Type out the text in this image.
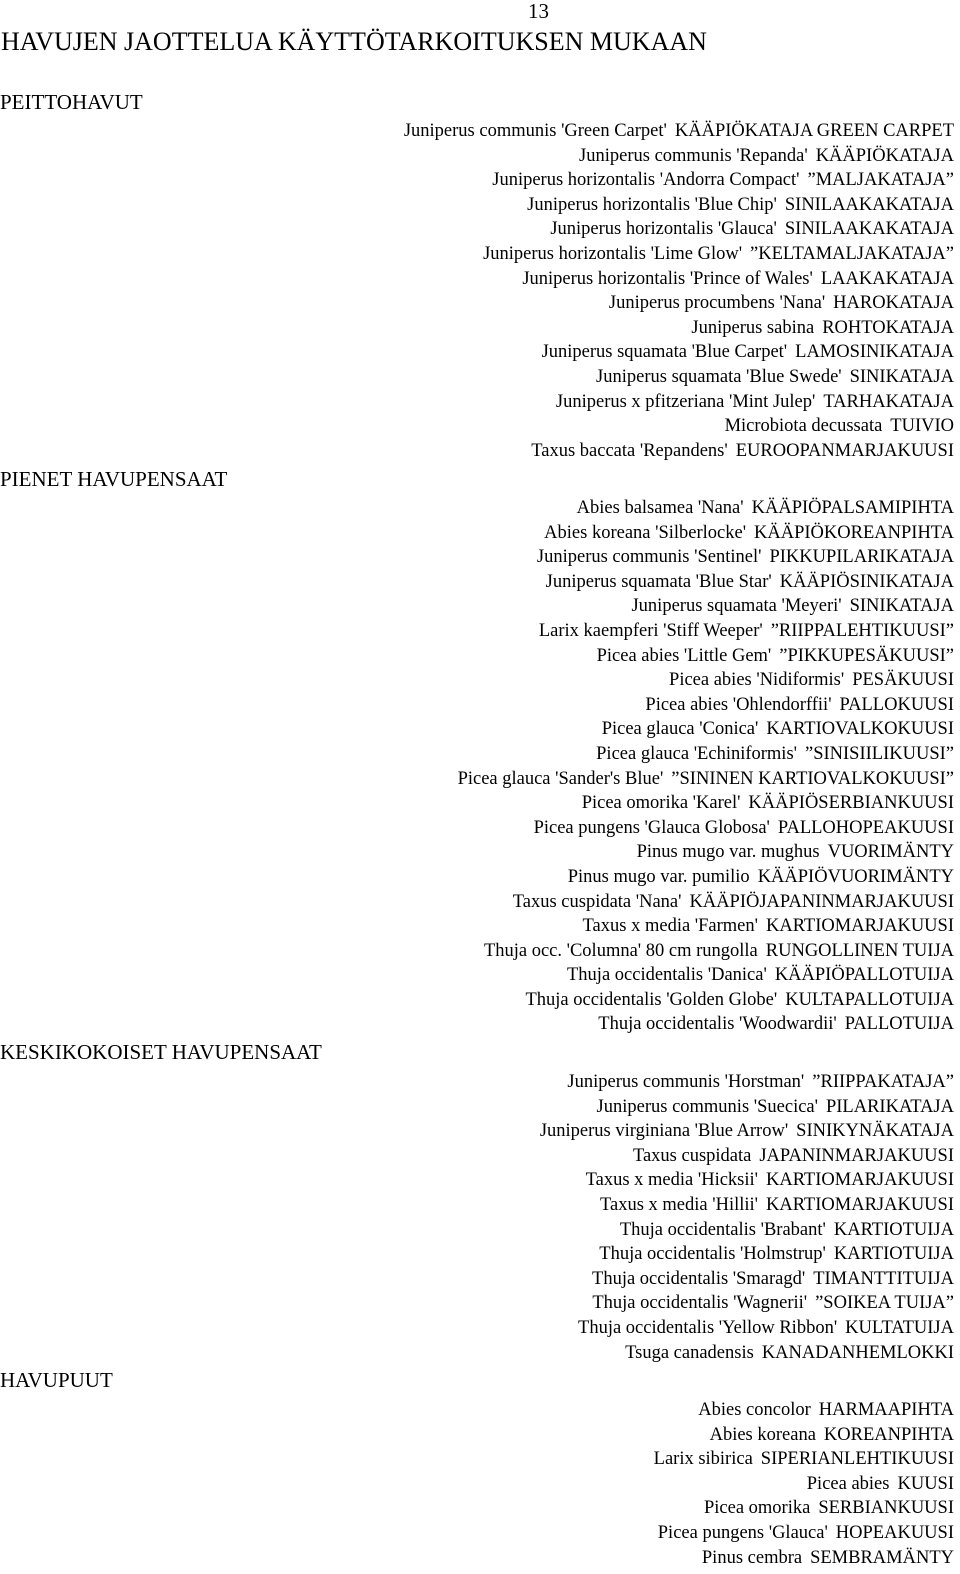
13
HAVUJEN JAOTTELUA KÄYTTÖTARKOITUKSEN MUKAAN
PEITTOHAVUT
Juniperus communis 'Green Carpet' KÄÄPIÖKATAJA GREEN CARPET
Juniperus communis 'Repanda' KÄÄPIÖKATAJA
Juniperus horizontalis 'Andorra Compact' ”MALJAKATAJA”
Juniperus horizontalis 'Blue Chip' SINILAAKAKATAJA
Juniperus horizontalis 'Glauca' SINILAAKAKATAJA
Juniperus horizontalis 'Lime Glow' ”KELTAMALJAKATAJA”
Juniperus horizontalis 'Prince of Wales' LAAKAKATAJA
Juniperus procumbens 'Nana' HAROKATAJA
Juniperus sabina ROHTOKATAJA
Juniperus squamata 'Blue Carpet' LAMOSINIKATAJA
Juniperus squamata 'Blue Swede' SINIKATAJA
Juniperus x pfitzeriana 'Mint Julep' TARHAKATAJA
Microbiota decussata TUIVIO
Taxus baccata 'Repandens' EUROOPANMARJAKUUSI
PIENET HAVUPENSAAT
Abies balsamea 'Nana' KÄÄPIÖPALSAMIPIHTA
Abies koreana 'Silberlocke' KÄÄPIÖKOREANPIHTA
Juniperus communis 'Sentinel' PIKKUPILARIKATAJA
Juniperus squamata 'Blue Star' KÄÄPIÖSINIKATAJA
Juniperus squamata 'Meyeri' SINIKATAJA
Larix kaempferi 'Stiff Weeper' ”RIIPPALEHTIKUUSI”
Picea abies 'Little Gem' ”PIKKUPESÄKUUSI”
Picea abies 'Nidiformis' PESÄKUUSI
Picea abies 'Ohlendorffii' PALLOKUUSI
Picea glauca 'Conica' KARTIOVALKOKUUSI
Picea glauca 'Echiniformis' ”SINISIILIKUUSI”
Picea glauca 'Sander's Blue' ”SININEN KARTIOVALKOKUUSI”
Picea omorika 'Karel' KÄÄPIÖSERBIANKUUSI
Picea pungens 'Glauca Globosa' PALLOHOPEAKUUSI
Pinus mugo var. mughus VUORIMÄNTY
Pinus mugo var. pumilio KÄÄPIÖVUORIMÄNTY
Taxus cuspidata 'Nana' KÄÄPIÖJAPANINMARJAKUUSI
Taxus x media 'Farmen' KARTIOMARJAKUUSI
Thuja occ. 'Columna' 80 cm rungolla RUNGOLLINEN TUIJA
Thuja occidentalis 'Danica' KÄÄPIÖPALLOTUIJA
Thuja occidentalis 'Golden Globe' KULTAPALLOTUIJA
Thuja occidentalis 'Woodwardii' PALLOTUIJA
KESKIKOKOISET HAVUPENSAAT
Juniperus communis 'Horstman' ”RIIPPAKATAJA”
Juniperus communis 'Suecica' PILARIKATAJA
Juniperus virginiana 'Blue Arrow' SINIKYNÄKATAJA
Taxus cuspidata JAPANINMARJAKUUSI
Taxus x media 'Hicksii' KARTIOMARJAKUUSI
Taxus x media 'Hillii' KARTIOMARJAKUUSI
Thuja occidentalis 'Brabant' KARTIOTUIJA
Thuja occidentalis 'Holmstrup' KARTIOTUIJA
Thuja occidentalis 'Smaragd' TIMANTTITUIJA
Thuja occidentalis 'Wagnerii' ”SOIKEA TUIJA”
Thuja occidentalis 'Yellow Ribbon' KULTATUIJA
Tsuga canadensis KANADANHEMLOKKI
HAVUPUUT
Abies concolor HARMAAPIHTA
Abies koreana KOREANPIHTA
Larix sibirica SIPERIANLEHTIKUUSI
Picea abies KUUSI
Picea omorika SERBIANKUUSI
Picea pungens 'Glauca' HOPEAKUUSI
Pinus cembra SEMBRAMÄNTY
